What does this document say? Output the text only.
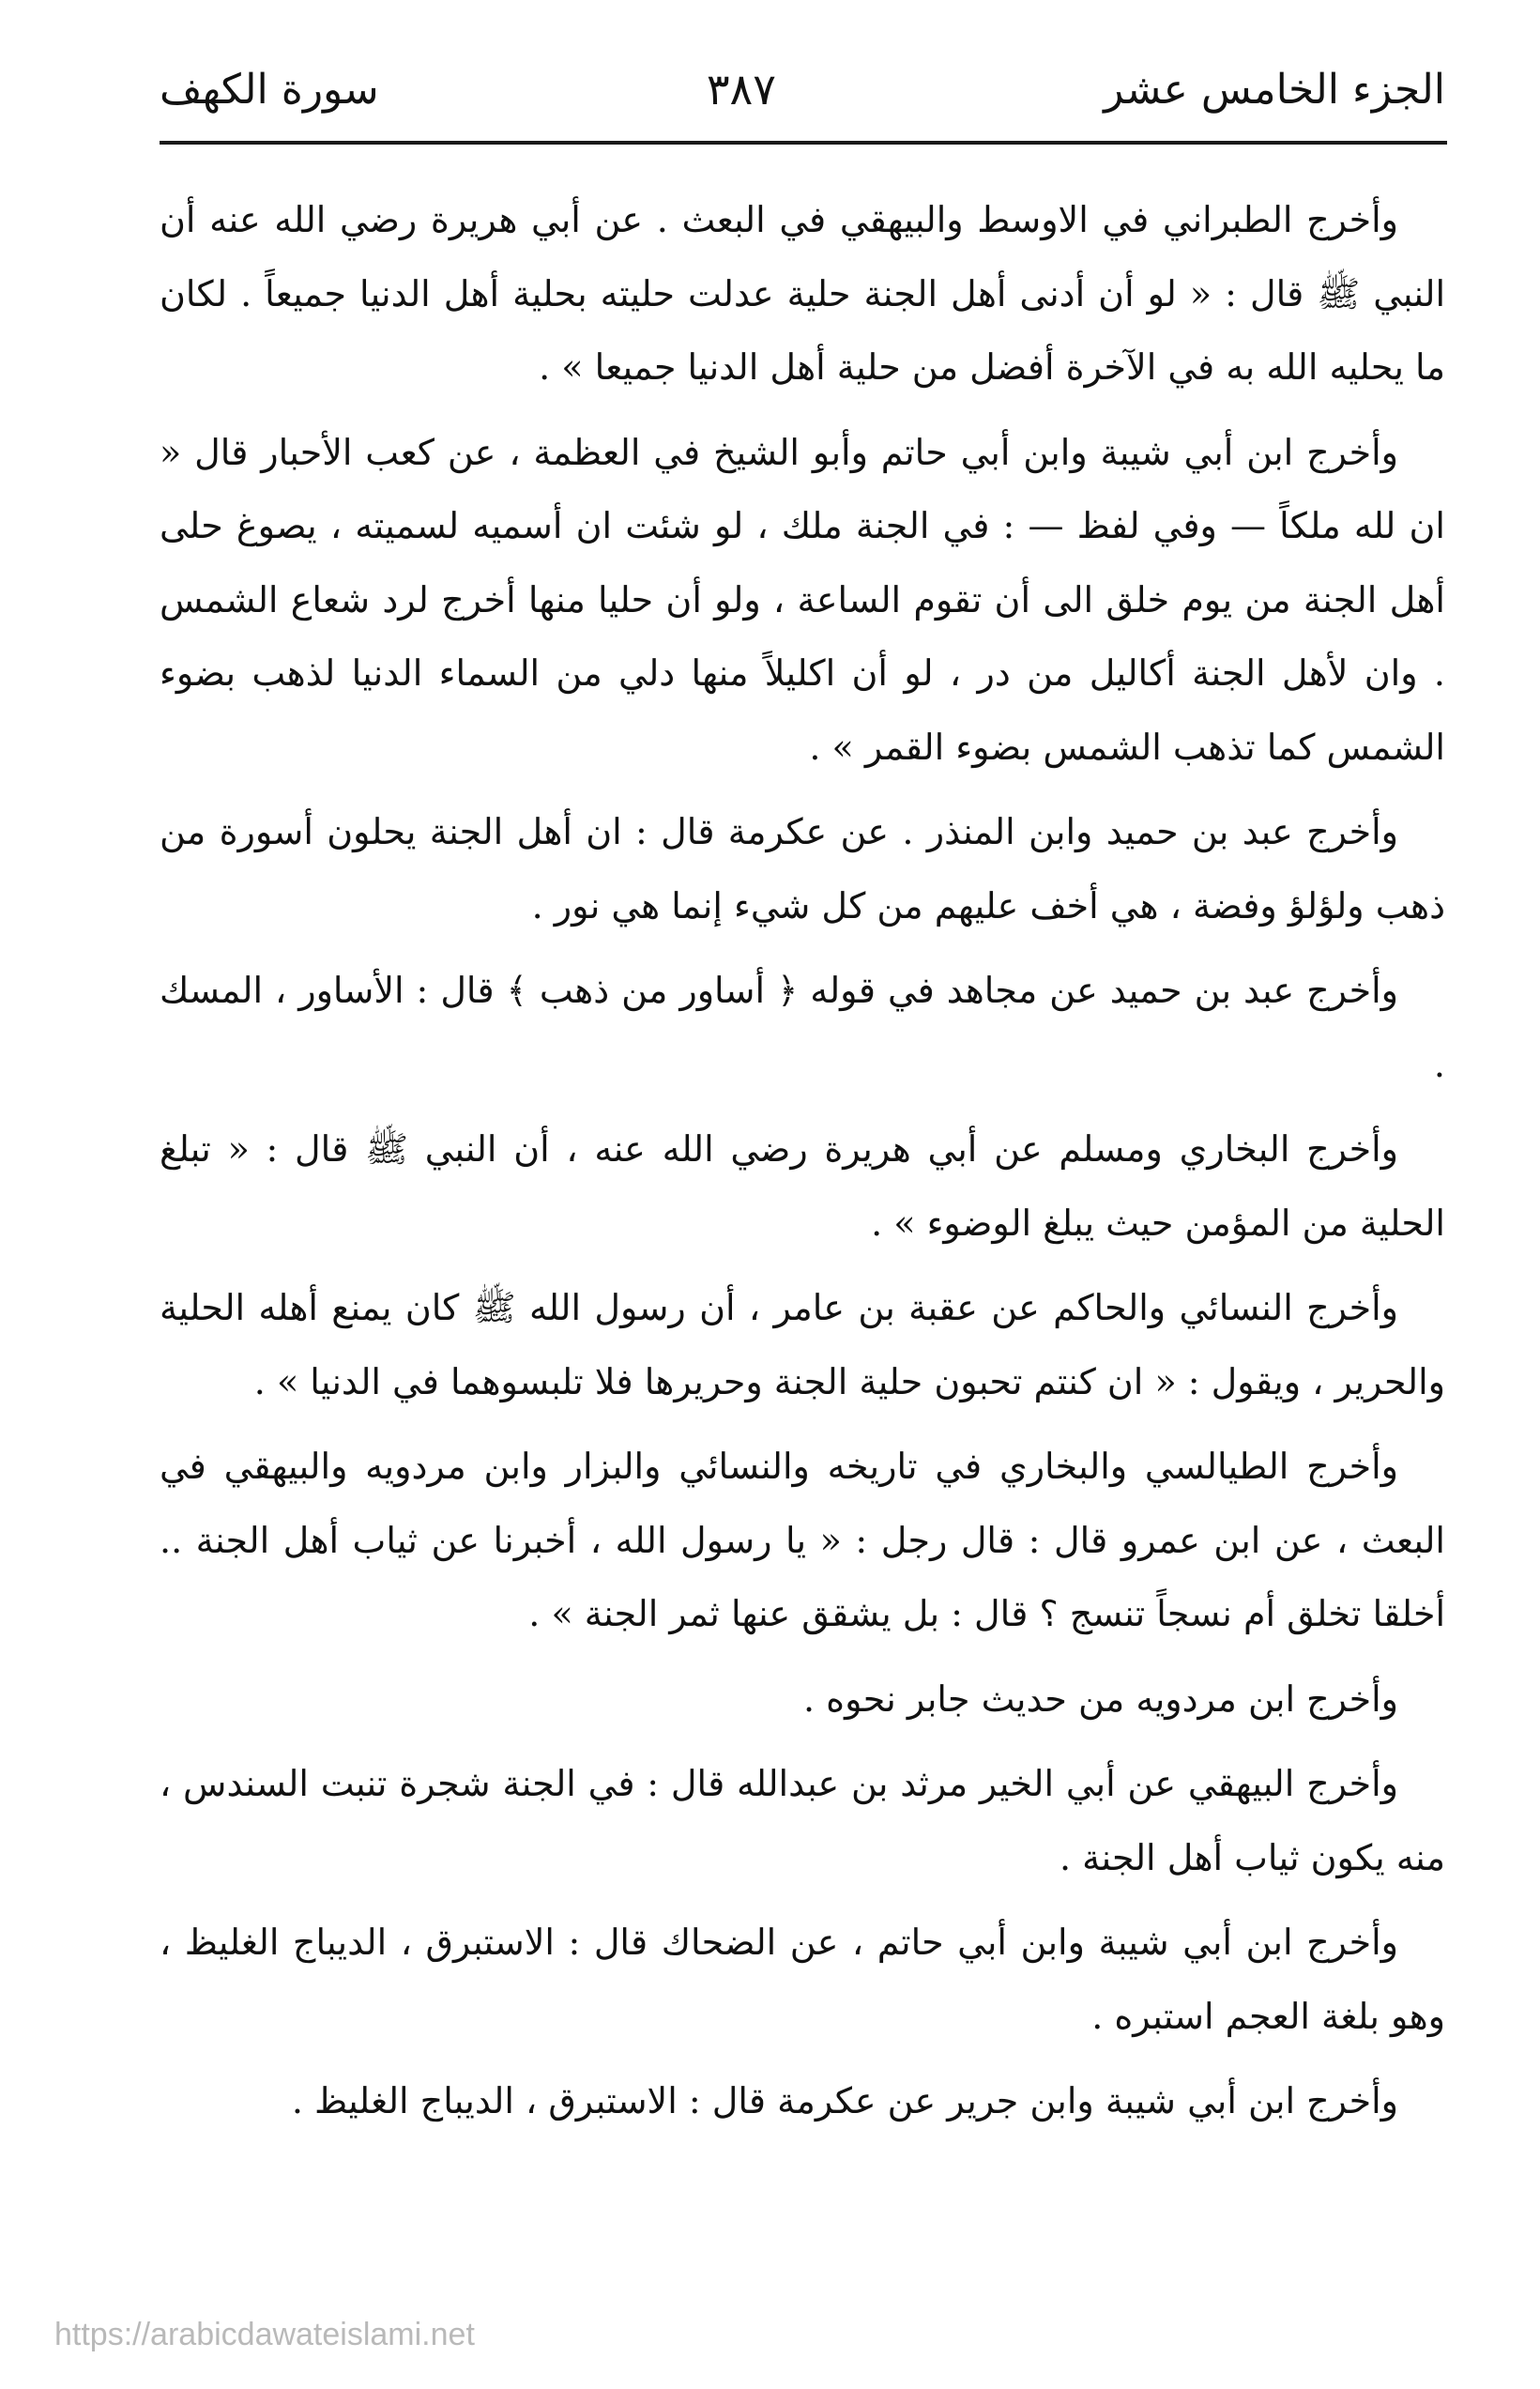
الجزء الخامس عشر
٣٨٧
سورة الكهف

وأخرج الطبراني في الاوسط والبيهقي في البعث . عن أبي هريرة رضي الله عنه أن النبي ﷺ قال : « لو أن أدنى أهل الجنة حلية عدلت حليته بحلية أهل الدنيا جميعاً . لكان ما يحليه الله به في الآخرة أفضل من حلية أهل الدنيا جميعا » .

وأخرج ابن أبي شيبة وابن أبي حاتم وأبو الشيخ في العظمة ، عن كعب الأحبار قال « ان لله ملكاً — وفي لفظ — : في الجنة ملك ، لو شئت ان أسميه لسميته ، يصوغ حلى أهل الجنة من يوم خلق الى أن تقوم الساعة ، ولو أن حليا منها أخرج لرد شعاع الشمس . وان لأهل الجنة أكاليل من در ، لو أن اكليلاً منها دلي من السماء الدنيا لذهب بضوء الشمس كما تذهب الشمس بضوء القمر » .

وأخرج عبد بن حميد وابن المنذر . عن عكرمة قال : ان أهل الجنة يحلون أسورة من ذهب ولؤلؤ وفضة ، هي أخف عليهم من كل شيء إنما هي نور .

وأخرج عبد بن حميد عن مجاهد في قوله ﴿ أساور من ذهب ﴾ قال : الأساور ، المسك .

وأخرج البخاري ومسلم عن أبي هريرة رضي الله عنه ، أن النبي ﷺ قال : « تبلغ الحلية من المؤمن حيث يبلغ الوضوء » .

وأخرج النسائي والحاكم عن عقبة بن عامر ، أن رسول الله ﷺ كان يمنع أهله الحلية والحرير ، ويقول : « ان كنتم تحبون حلية الجنة وحريرها فلا تلبسوهما في الدنيا » .

وأخرج الطيالسي والبخاري في تاريخه والنسائي والبزار وابن مردويه والبيهقي في البعث ، عن ابن عمرو قال : قال رجل : « يا رسول الله ، أخبرنا عن ثياب أهل الجنة .. أخلقا تخلق أم نسجاً تنسج ؟ قال : بل يشقق عنها ثمر الجنة » .

وأخرج ابن مردويه من حديث جابر نحوه .

وأخرج البيهقي عن أبي الخير مرثد بن عبدالله قال : في الجنة شجرة تنبت السندس ، منه يكون ثياب أهل الجنة .

وأخرج ابن أبي شيبة وابن أبي حاتم ، عن الضحاك قال : الاستبرق ، الديباج الغليظ ، وهو بلغة العجم استبره .

وأخرج ابن أبي شيبة وابن جرير عن عكرمة قال : الاستبرق ، الديباج الغليظ .

https://arabicdawateislami.net
